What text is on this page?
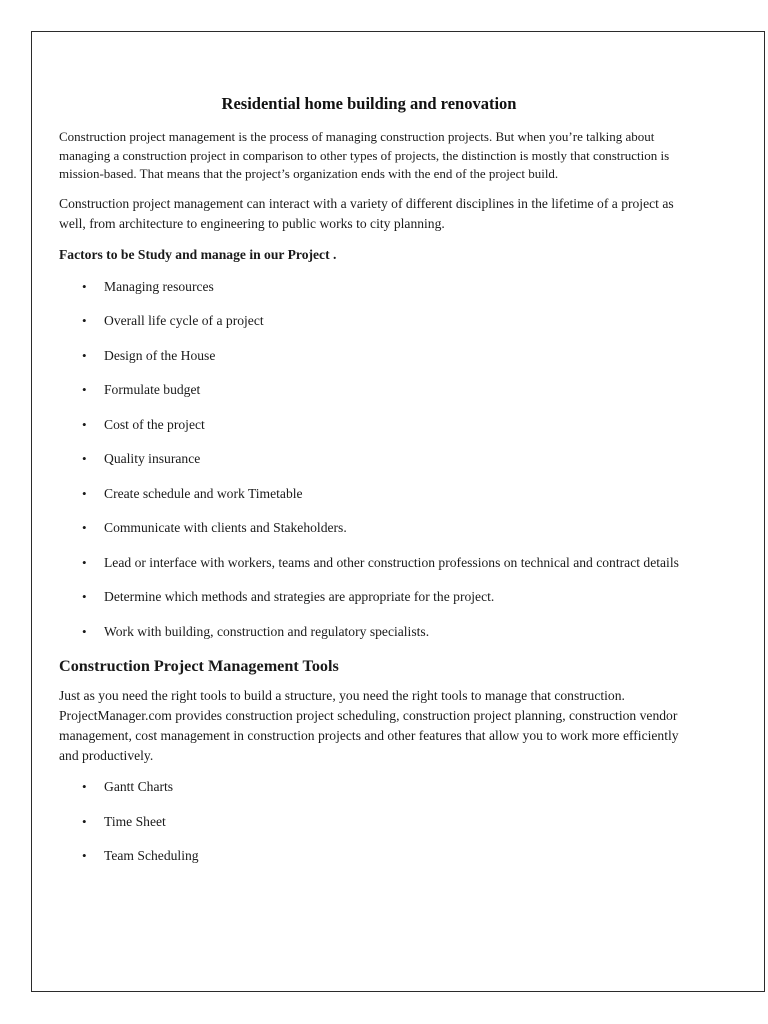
Residential home building and renovation

Construction project management is the process of managing construction projects. But when you’re talking about managing a construction project in comparison to other types of projects, the distinction is mostly that construction is mission-based. That means that the project’s organization ends with the end of the project build.

Construction project management can interact with a variety of different disciplines in the lifetime of a project as well, from architecture to engineering to public works to city planning.

Factors to be Study and manage in our Project .

• Managing resources
• Overall life cycle of a project
• Design of the House
• Formulate budget
• Cost of the project
• Quality insurance
• Create schedule and work Timetable
• Communicate with clients and Stakeholders.
• Lead or interface with workers, teams and other construction professions on technical and contract details
• Determine which methods and strategies are appropriate for the project.
• Work with building, construction and regulatory specialists.
Construction Project Management Tools

Just as you need the right tools to build a structure, you need the right tools to manage that construction. ProjectManager.com provides construction project scheduling, construction project planning, construction vendor management, cost management in construction projects and other features that allow you to work more efficiently and productively.

• Gantt Charts
• Time Sheet
• Team Scheduling
